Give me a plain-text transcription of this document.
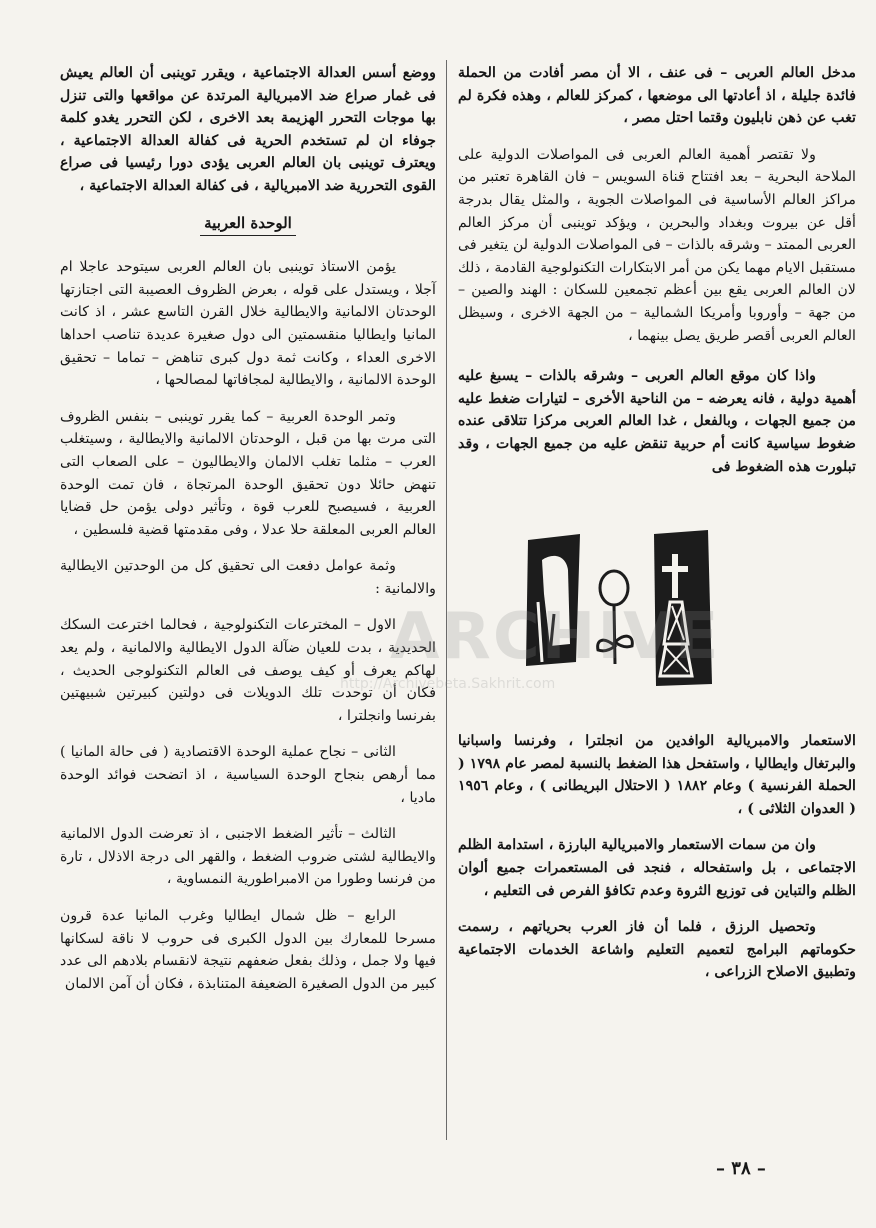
مدخل العالم العربى – فى عنف ، الا أن مصر أفادت من الحملة فائدة جليلة ، اذ أعادتها الى موضعها ، كمركز للعالم ، وهذه فكرة لم تغب عن ذهن نابليون وقتما احتل مصر ،

ولا تقتصر أهمية العالم العربى فى المواصلات الدولية على الملاحة البحرية – بعد افتتاح قناة السويس – فان القاهرة تعتبر من مراكز العالم الأساسية فى المواصلات الجوية ، والمثل يقال بدرجة أقل عن بيروت وبغداد والبحرين ، ويؤكد توينبى أن مركز العالم العربى الممتد – وشرقه بالذات – فى المواصلات الدولية لن يتغير فى مستقبل الايام مهما يكن من أمر الابتكارات التكنولوجية القادمة ، ذلك لان العالم العربى يقع بين أعظم تجمعين للسكان : الهند والصين – من جهة – وأوروبا وأمريكا الشمالية – من الجهة الاخرى ، وسيظل العالم العربى أقصر طريق يصل بينهما ،

واذا كان موقع العالم العربى – وشرقه بالذات – يسبغ عليه أهمية دولية ، فانه يعرضه – من الناحية الأخرى – لتيارات ضغط عليه من جميع الجهات ، وبالفعل ، غدا العالم العربى مركزا تتلاقى عنده ضغوط سياسية كانت أم حربية تنقض عليه من جميع الجهات ، وقد تبلورت هذه الضغوط فى

الاستعمار والامبريالية الوافدين من انجلترا ، وفرنسا واسبانيا والبرتغال وايطاليا ، واستفحل هذا الضغط بالنسبة لمصر عام ١٧٩٨ ( الحملة الفرنسية ) وعام ١٨٨٢ ( الاحتلال البريطانى ) ، وعام ١٩٥٦ ( العدوان الثلاثى ) ،

وان من سمات الاستعمار والامبريالية البارزة ، استدامة الظلم الاجتماعى ، بل واستفحاله ، فنجد فى المستعمرات جميع ألوان الظلم والتباين فى توزيع الثروة وعدم تكافؤ الفرص فى التعليم ،

وتحصيل الرزق ، فلما أن فاز العرب بحرياتهم ، رسمت حكوماتهم البرامج لتعميم التعليم واشاعة الخدمات الاجتماعية وتطبيق الاصلاح الزراعى ،

ووضع أسس العدالة الاجتماعية ، ويقرر توينبى أن العالم يعيش فى غمار صراع ضد الامبريالية المرتدة عن مواقعها والتى تنزل بها موجات التحرر الهزيمة بعد الاخرى ، لكن التحرر يغدو كلمة جوفاء ان لم تستخدم الحرية فى كفالة العدالة الاجتماعية ، ويعترف توينبى بان العالم العربى يؤدى دورا رئيسيا فى صراع القوى التحررية ضد الامبريالية ، فى كفالة العدالة الاجتماعية ،

الوحدة العربية

يؤمن الاستاذ توينبى بان العالم العربى سيتوحد عاجلا ام آجلا ، ويستدل على قوله ، بعرض الظروف العصيبة التى اجتازتها الوحدتان الالمانية والايطالية خلال القرن التاسع عشر ، اذ كانت المانيا وايطاليا منقسمتين الى دول صغيرة عديدة تناصب احداها الاخرى العداء ، وكانت ثمة دول كبرى تناهض – تماما – تحقيق الوحدة الالمانية ، والايطالية لمجافاتها لمصالحها ،

وتمر الوحدة العربية – كما يقرر توينبى – بنفس الظروف التى مرت بها من قبل ، الوحدتان الالمانية والايطالية ، وسيتغلب العرب – مثلما تغلب الالمان والايطاليون – على الصعاب التى تنهض حائلا دون تحقيق الوحدة المرتجاة ، فان تمت الوحدة العربية ، فسيصبح للعرب قوة ، وتأثير دولى يؤمن حل قضايا العالم العربى المعلقة حلا عدلا ، وفى مقدمتها قضية فلسطين ،

وثمة عوامل دفعت الى تحقيق كل من الوحدتين الايطالية والالمانية :

الاول – المخترعات التكنولوجية ، فحالما اخترعت السكك الحديدية ، بدت للعيان ضآلة الدول الايطالية والالمانية ، ولم يعد لهاكم يعرف أو كيف يوصف فى العالم التكنولوجى الحديث ، فكان أن توحدت تلك الدويلات فى دولتين كبيرتين شبيهتين بفرنسا وانجلترا ،

الثانى – نجاح عملية الوحدة الاقتصادية ( فى حالة المانيا ) مما أرهص بنجاح الوحدة السياسية ، اذ اتضحت فوائد الوحدة ماديا ،

الثالث – تأثير الضغط الاجنبى ، اذ تعرضت الدول الالمانية والايطالية لشتى ضروب الضغط ، والقهر الى درجة الاذلال ، تارة من فرنسا وطورا من الامبراطورية النمساوية ،

الرابع – ظل شمال ايطاليا وغرب المانيا عدة قرون مسرحا للمعارك بين الدول الكبرى فى حروب لا ناقة لسكانها فيها ولا جمل ، وذلك بفعل ضعفهم نتيجة لانقسام بلادهم الى عدد كبير من الدول الصغيرة الضعيفة المتنابذة ، فكان أن آمن الالمان

ARCHIVE
http://Archivebeta.Sakhrit.com
– ٣٨ –
